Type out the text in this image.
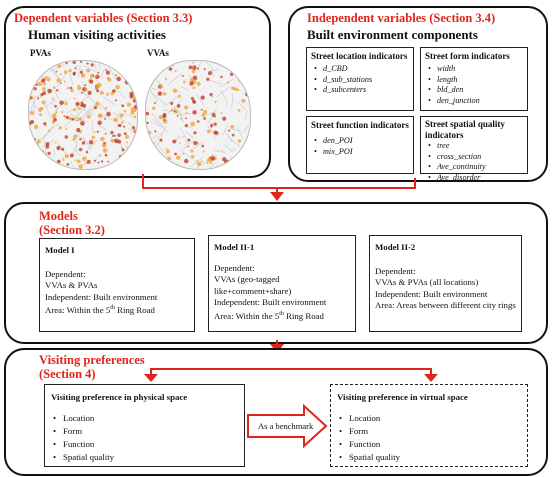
Dependent variables (Section 3.3)
Human visiting activities
PVAs	VVAs
Independent variables (Section 3.4)
Built environment components
Street location indicators
• d_CBD
• d_sub_stations
• d_subcenters
Street form indicators
• width
• length
• bld_den
• den_junction
Street function indicators
• den_POI
• mix_POI
Street spatial quality indicators
• tree
• cross_section
• Ave_continuity
• Ave_disorder
Models
(Section 3.2)
Model I
Dependent:
VVAs & PVAs
Independent: Built environment
Area: Within the 5th Ring Road
Model II-1
Dependent:
VVAs (geo-tagged like+comment+share)
Independent: Built environment
Area: Within the 5th Ring Road
Model II-2
Dependent:
VVAs & PVAs (all locations)
Independent: Built environment
Area: Areas between different city rings
Visiting preferences
(Section 4)
Visiting preference in physical space
• Location
• Form
• Function
• Spatial quality
As a benchmark
Visiting preference in virtual space
• Location
• Form
• Function
• Spatial quality
